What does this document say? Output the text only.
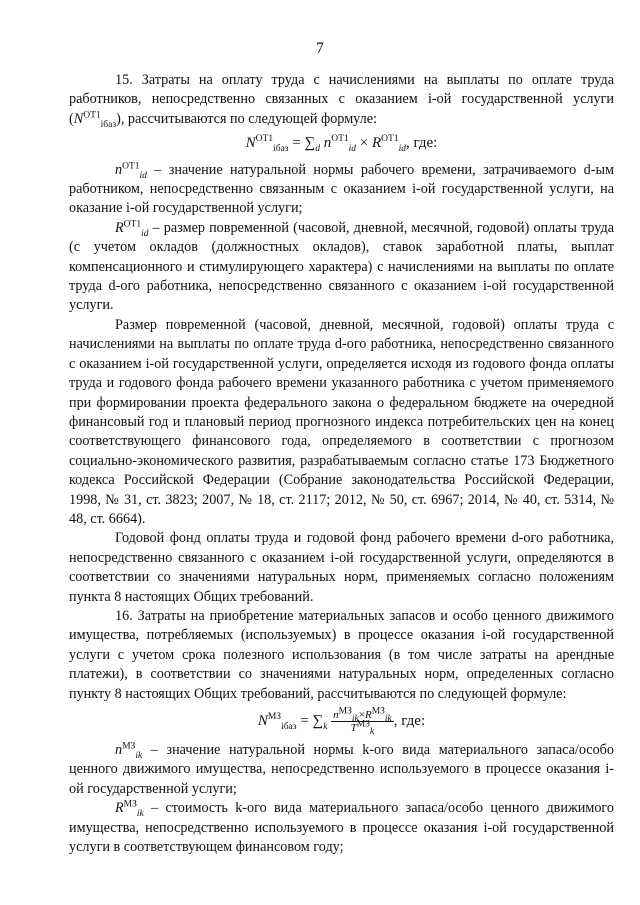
7

15. Затраты на оплату труда с начислениями на выплаты по оплате труда работников, непосредственно связанных с оказанием i-ой государственной услуги $(N^{ОТ1}_{iбаз})$, рассчитываются по следующей формуле:

$N^{ОТ1}_{iбаз} = \sum_d$ $n^{ОТ1}_{id} \times R^{ОТ1}_{id}$, где:

$n^{ОТ1}_{id}$ – значение натуральной нормы рабочего времени, затрачиваемого d-ым работником, непосредственно связанным с оказанием i-ой государственной услуги, на оказание i-ой государственной услуги;

$R^{ОТ1}_{id}$ – размер повременной (часовой, дневной, месячной, годовой) оплаты труда (с учетом окладов (должностных окладов), ставок заработной платы, выплат компенсационного и стимулирующего характера) с начислениями на выплаты по оплате труда d-ого работника, непосредственно связанного с оказанием i-ой государственной услуги.

Размер повременной (часовой, дневной, месячной, годовой) оплаты труда с начислениями на выплаты по оплате труда d-ого работника, непосредственно связанного с оказанием i-ой государственной услуги, определяется исходя из годового фонда оплаты труда и годового фонда рабочего времени указанного работника с учетом применяемого при формировании проекта федерального закона о федеральном бюджете на очередной финансовый год и плановый период прогнозного индекса потребительских цен на конец соответствующего финансового года, определяемого в соответствии с прогнозом социально-экономического развития, разрабатываемым согласно статье 173 Бюджетного кодекса Российской Федерации (Собрание законодательства Российской Федерации, 1998, № 31, ст. 3823; 2007, № 18, ст. 2117; 2012, № 50, ст. 6967; 2014, № 40, ст. 5314, № 48, ст. 6664).

Годовой фонд оплаты труда и годовой фонд рабочего времени d-ого работника, непосредственно связанного с оказанием i-ой государственной услуги, определяются в соответствии со значениями натуральных норм, применяемых согласно положениям пункта 8 настоящих Общих требований.

16. Затраты на приобретение материальных запасов и особо ценного движимого имущества, потребляемых (используемых) в процессе оказания i-ой государственной услуги с учетом срока полезного использования (в том числе затраты на арендные платежи), в соответствии со значениями натуральных норм, определенных согласно пункту 8 настоящих Общих требований, рассчитываются по следующей формуле:

$N^{МЗ}_{iбаз} = \sum_k \frac{n^{МЗ}_{ik}\times R^{МЗ}_{ik}}{T^{МЗ}_k}$ , где:

$n^{МЗ}_{ik}$ – значение натуральной нормы k-ого вида материального запаса/особо ценного движимого имущества, непосредственно используемого в процессе оказания i-ой государственной услуги;

$R^{МЗ}_{ik}$ – стоимость k-ого вида материального запаса/особо ценного движимого имущества, непосредственно используемого в процессе оказания i-ой государственной услуги в соответствующем финансовом году;
